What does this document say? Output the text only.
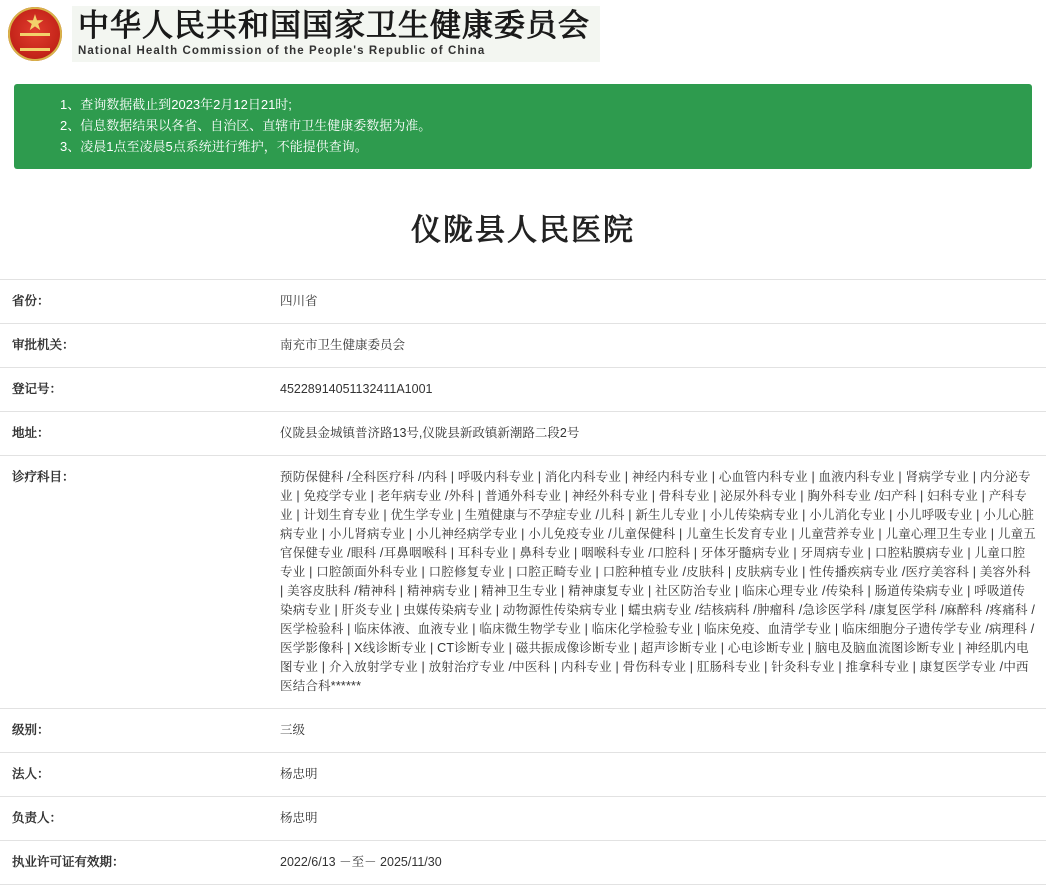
★
中华人民共和国国家卫生健康委员会
National Health Commission of the People's Republic of China
1、查询数据截止到2023年2月12日21时;
2、信息数据结果以各省、自治区、直辖市卫生健康委数据为准。
3、凌晨1点至凌晨5点系统进行维护，不能提供查询。
仪陇县人民医院
省份：	四川省
审批机关：	南充市卫生健康委员会
登记号：	45228914051132411A1001
地址：	仪陇县金城镇普济路13号,仪陇县新政镇新潮路二段2号
诊疗科目：	预防保健科 /全科医疗科 /内科 | 呼吸内科专业 | 消化内科专业 | 神经内科专业 | 心血管内科专业 | 血液内科专业 | 肾病学专业 | 内分泌专业 | 免疫学专业 | 老年病专业 /外科 | 普通外科专业 | 神经外科专业 | 骨科专业 | 泌尿外科专业 | 胸外科专业 /妇产科 | 妇科专业 | 产科专业 | 计划生育专业 | 优生学专业 | 生殖健康与不孕症专业 /儿科 | 新生儿专业 | 小儿传染病专业 | 小儿消化专业 | 小儿呼吸专业 | 小儿心脏病专业 | 小儿肾病专业 | 小儿神经病学专业 | 小儿免疫专业 /儿童保健科 | 儿童生长发育专业 | 儿童营养专业 | 儿童心理卫生专业 | 儿童五官保健专业 /眼科 /耳鼻咽喉科 | 耳科专业 | 鼻科专业 | 咽喉科专业 /口腔科 | 牙体牙髓病专业 | 牙周病专业 | 口腔粘膜病专业 | 儿童口腔专业 | 口腔颌面外科专业 | 口腔修复专业 | 口腔正畸专业 | 口腔种植专业 /皮肤科 | 皮肤病专业 | 性传播疾病专业 /医疗美容科 | 美容外科 | 美容皮肤科 /精神科 | 精神病专业 | 精神卫生专业 | 精神康复专业 | 社区防治专业 | 临床心理专业 /传染科 | 肠道传染病专业 | 呼吸道传染病专业 | 肝炎专业 | 虫媒传染病专业 | 动物源性传染病专业 | 蠕虫病专业 /结核病科 /肿瘤科 /急诊医学科 /康复医学科 /麻醉科 /疼痛科 /医学检验科 | 临床体液、血液专业 | 临床微生物学专业 | 临床化学检验专业 | 临床免疫、血清学专业 | 临床细胞分子遗传学专业 /病理科 /医学影像科 | X线诊断专业 | CT诊断专业 | 磁共振成像诊断专业 | 超声诊断专业 | 心电诊断专业 | 脑电及脑血流图诊断专业 | 神经肌内电图专业 | 介入放射学专业 | 放射治疗专业 /中医科 | 内科专业 | 骨伤科专业 | 肛肠科专业 | 针灸科专业 | 推拿科专业 | 康复医学专业 /中西医结合科******
级别：	三级
法人：	杨忠明
负责人：	杨忠明
执业许可证有效期：	2022/6/13 －至－ 2025/11/30
